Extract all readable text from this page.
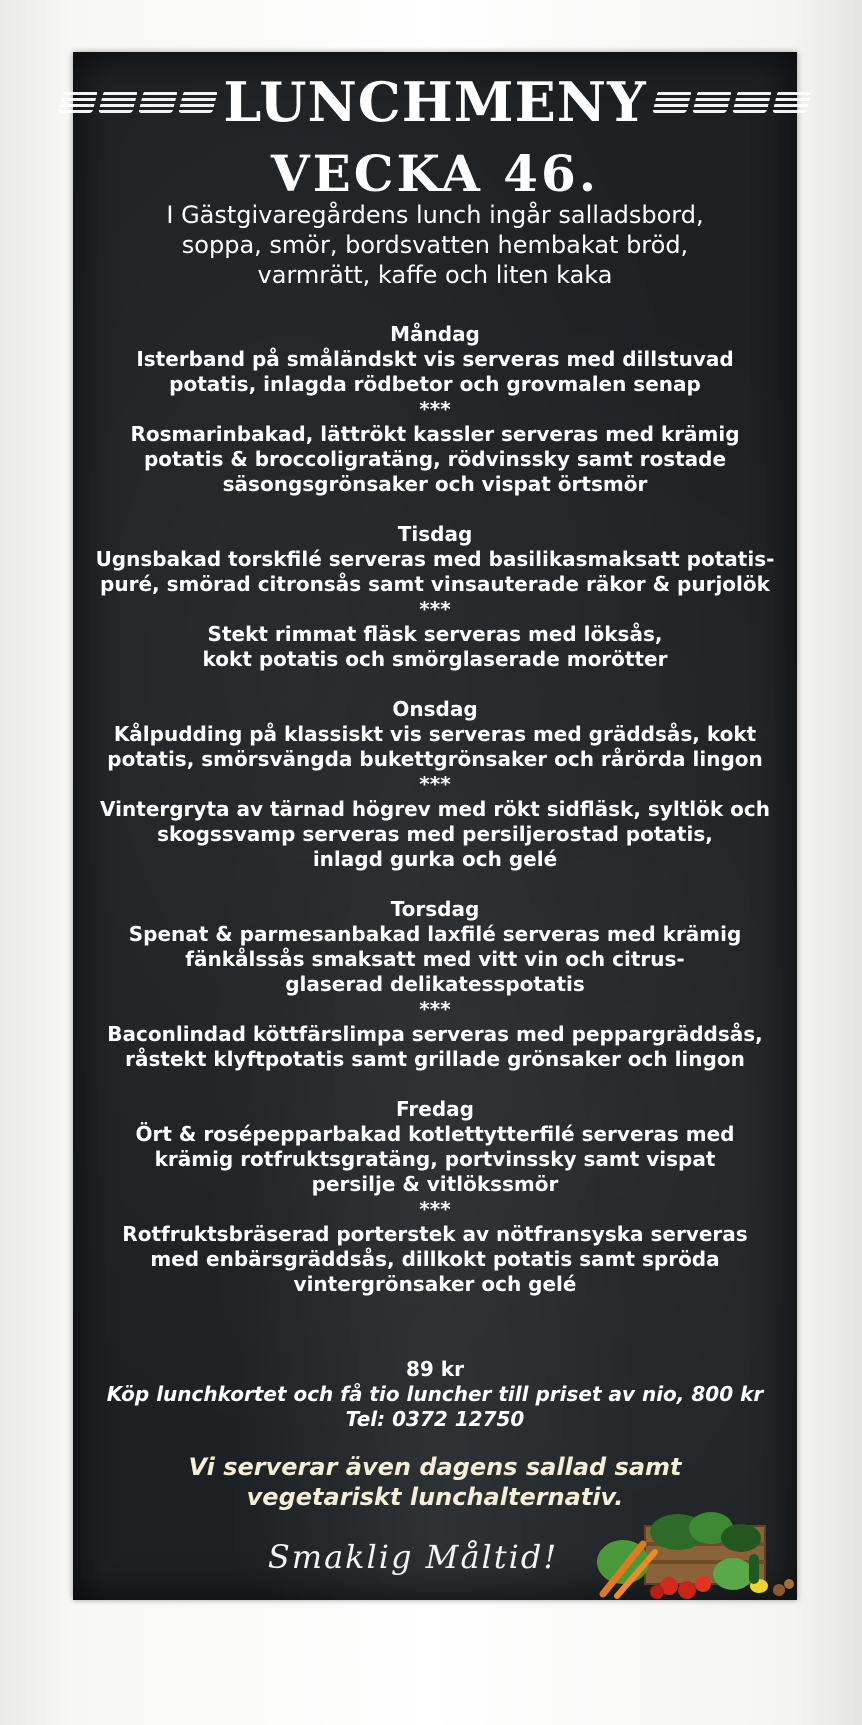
LUNCHMENY
VECKA 46.
I Gästgivaregårdens lunch ingår salladsbord,
soppa, smör, bordsvatten hembakat bröd,
varmrätt, kaffe och liten kaka
Måndag
Isterband på småländskt vis serveras med dillstuvad
potatis, inlagda rödbetor och grovmalen senap
***
Rosmarinbakad, lättrökt kassler serveras med krämig
potatis & broccoligratäng, rödvinssky samt rostade
säsongsgrönsaker och vispat örtsmör
Tisdag
Ugnsbakad torskfilé serveras med basilikasmaksatt potatis-
puré, smörad citronsås samt vinsauterade räkor & purjolök
***
Stekt rimmat fläsk serveras med löksås,
kokt potatis och smörglaserade morötter
Onsdag
Kålpudding på klassiskt vis serveras med gräddsås, kokt
potatis, smörsvängda bukettgrönsaker och rårörda lingon
***
Vintergryta av tärnad högrev med rökt sidfläsk, syltlök och
skogssvamp serveras med persiljerostad potatis,
inlagd gurka och gelé
Torsdag
Spenat & parmesanbakad laxfilé serveras med krämig
fänkålssås smaksatt med vitt vin och citrus-
glaserad delikatesspotatis
***
Baconlindad köttfärslimpa serveras med peppargräddsås,
råstekt klyftpotatis samt grillade grönsaker och lingon
Fredag
Ört & rosépepparbakad kotlettytterfilé serveras med
krämig rotfruktsgratäng, portvinssky samt vispat
persilje & vitlökssmör
***
Rotfruktsbräserad porterstek av nötfransyska serveras
med enbärsgräddsås, dillkokt potatis samt spröda
vintergrönsaker och gelé
89 kr
Köp lunchkortet och få tio luncher till priset av nio, 800 kr
Tel: 0372 12750
Vi serverar även dagens sallad samt
vegetariskt lunchalternativ.
Smaklig Måltid!
